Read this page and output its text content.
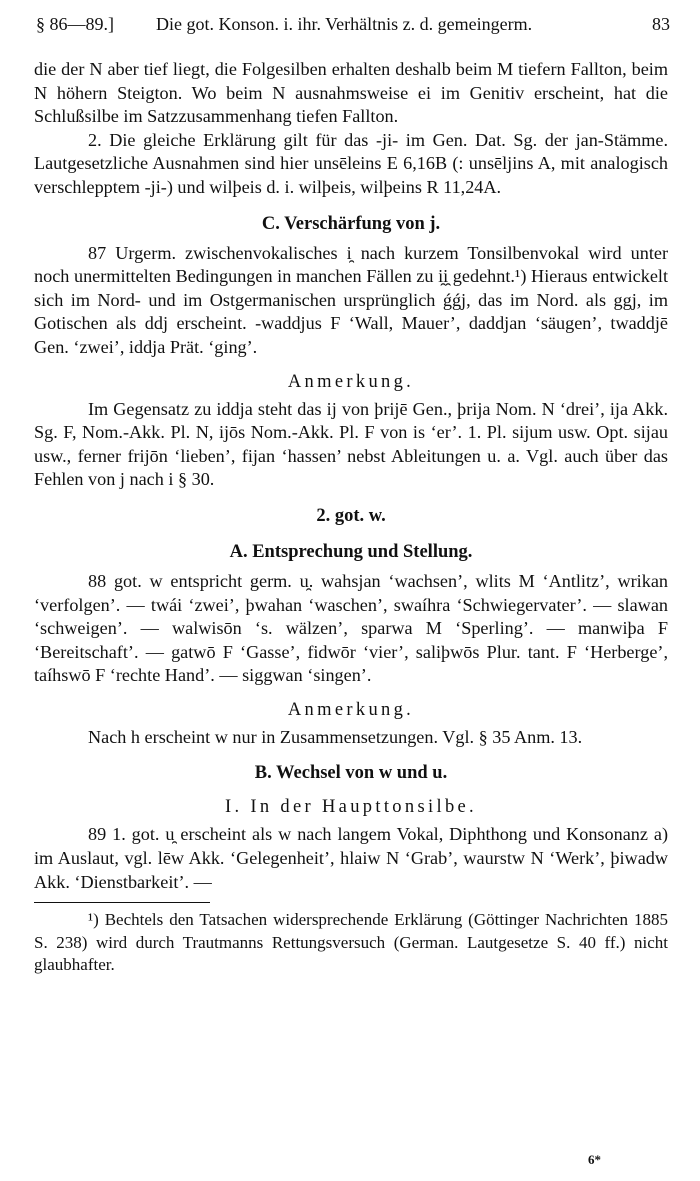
§ 86—89.] Die got. Konson. i. ihr. Verhältnis z. d. gemeingerm.	83

die der N aber tief liegt, die Folgesilben erhalten deshalb beim M tiefern Fallton, beim N höhern Steigton. Wo beim N ausnahmsweise ei im Genitiv erscheint, hat die Schlußsilbe im Satzzusammenhang tiefen Fallton.

2. Die gleiche Erklärung gilt für das -ji- im Gen. Dat. Sg. der jan-Stämme. Lautgesetzliche Ausnahmen sind hier unsēleins E 6,16B (: unsēljins A, mit analogisch verschlepptem -ji-) und wilþeis d. i. wilþeis, wilþeins R 11,24A.

C. Verschärfung von j.

87 Urgerm. zwischenvokalisches i̯ nach kurzem Tonsilbenvokal wird unter noch unermittelten Bedingungen in manchen Fällen zu i̯i̯ gedehnt.¹) Hieraus entwickelt sich im Nord- und im Ostgermanischen ursprünglich ǵǵj, das im Nord. als ggj, im Gotischen als ddj erscheint. -waddjus F ‘Wall, Mauer’, daddjan ‘säugen’, twaddjē Gen. ‘zwei’, iddja Prät. ‘ging’.

Anmerkung.

Im Gegensatz zu iddja steht das ij von þrijē Gen., þrija Nom. N ‘drei’, ija Akk. Sg. F, Nom.-Akk. Pl. N, ijōs Nom.-Akk. Pl. F von is ‘er’. 1. Pl. sijum usw. Opt. sijau usw., ferner frijōn ‘lieben’, fijan ‘hassen’ nebst Ableitungen u. a. Vgl. auch über das Fehlen von j nach i § 30.

2. got. w.
A. Entsprechung und Stellung.

88 got. w entspricht germ. u̯. wahsjan ‘wachsen’, wlits M ‘Antlitz’, wrikan ‘verfolgen’. — twái ‘zwei’, þwahan ‘waschen’, swaíhra ‘Schwiegervater’. — slawan ‘schweigen’. — walwisōn ‘s. wälzen’, sparwa M ‘Sperling’. — manwiþa F ‘Bereitschaft’. — gatwō F ‘Gasse’, fidwōr ‘vier’, saliþwōs Plur. tant. F ‘Herberge’, taíhswō F ‘rechte Hand’. — siggwan ‘singen’.

Anmerkung.

Nach h erscheint w nur in Zusammensetzungen. Vgl. § 35 Anm. 13.

B. Wechsel von w und u.
I. In der Haupttonsilbe.

89 1. got. u̯ erscheint als w nach langem Vokal, Diphthong und Konsonanz a) im Auslaut, vgl. lēw Akk. ‘Gelegenheit’, hlaiw N ‘Grab’, waurstw N ‘Werk’, þiwadw Akk. ‘Dienstbarkeit’. —

¹) Bechtels den Tatsachen widersprechende Erklärung (Göttinger Nachrichten 1885 S. 238) wird durch Trautmanns Rettungsversuch (German. Lautgesetze S. 40 ff.) nicht glaubhafter.

6*
